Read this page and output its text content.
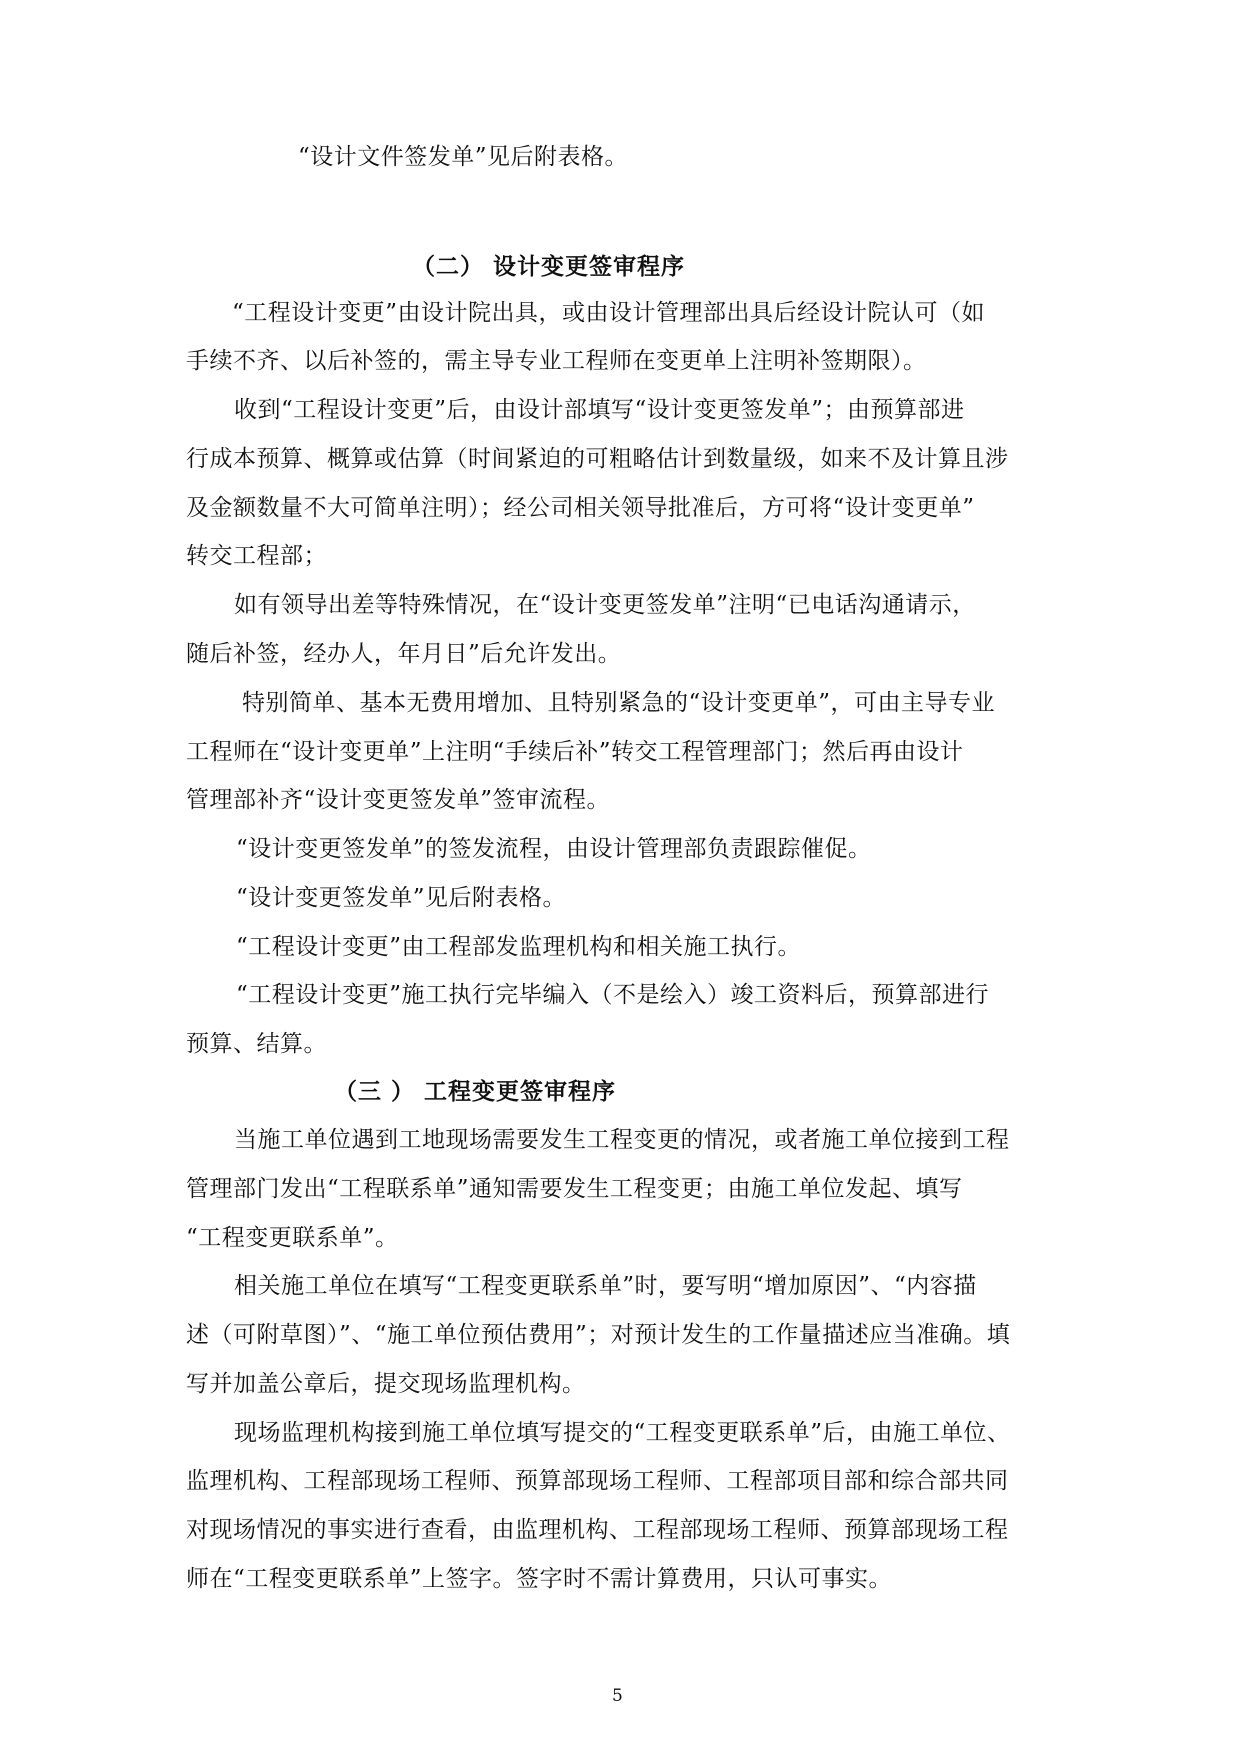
“设计文件签发单”见后附表格。
（二） 设计变更签审程序
“工程设计变更”由设计院出具，或由设计管理部出具后经设计院认可（如
手续不齐、以后补签的，需主导专业工程师在变更单上注明补签期限）。
收到“工程设计变更”后，由设计部填写“设计变更签发单”；由预算部进
行成本预算、概算或估算（时间紧迫的可粗略估计到数量级，如来不及计算且涉
及金额数量不大可简单注明）；经公司相关领导批准后，方可将“设计变更单”
转交工程部；
如有领导出差等特殊情况，在“设计变更签发单”注明“已电话沟通请示，
随后补签，经办人，年月日”后允许发出。
特别简单、基本无费用增加、且特别紧急的“设计变更单”，可由主导专业
工程师在“设计变更单”上注明“手续后补”转交工程管理部门；然后再由设计
管理部补齐“设计变更签发单”签审流程。
“设计变更签发单”的签发流程，由设计管理部负责跟踪催促。
“设计变更签发单”见后附表格。
“工程设计变更”由工程部发监理机构和相关施工执行。
“工程设计变更”施工执行完毕编入（不是绘入）竣工资料后，预算部进行
预算、结算。
（三 ） 工程变更签审程序
当施工单位遇到工地现场需要发生工程变更的情况，或者施工单位接到工程
管理部门发出“工程联系单”通知需要发生工程变更；由施工单位发起、填写
“工程变更联系单”。
相关施工单位在填写“工程变更联系单”时，要写明“增加原因”、“内容描
述（可附草图）”、“施工单位预估费用”；对预计发生的工作量描述应当准确。填
写并加盖公章后，提交现场监理机构。
现场监理机构接到施工单位填写提交的“工程变更联系单”后，由施工单位、
监理机构、工程部现场工程师、预算部现场工程师、工程部项目部和综合部共同
对现场情况的事实进行查看，由监理机构、工程部现场工程师、预算部现场工程
师在“工程变更联系单”上签字。签字时不需计算费用，只认可事实。
5
